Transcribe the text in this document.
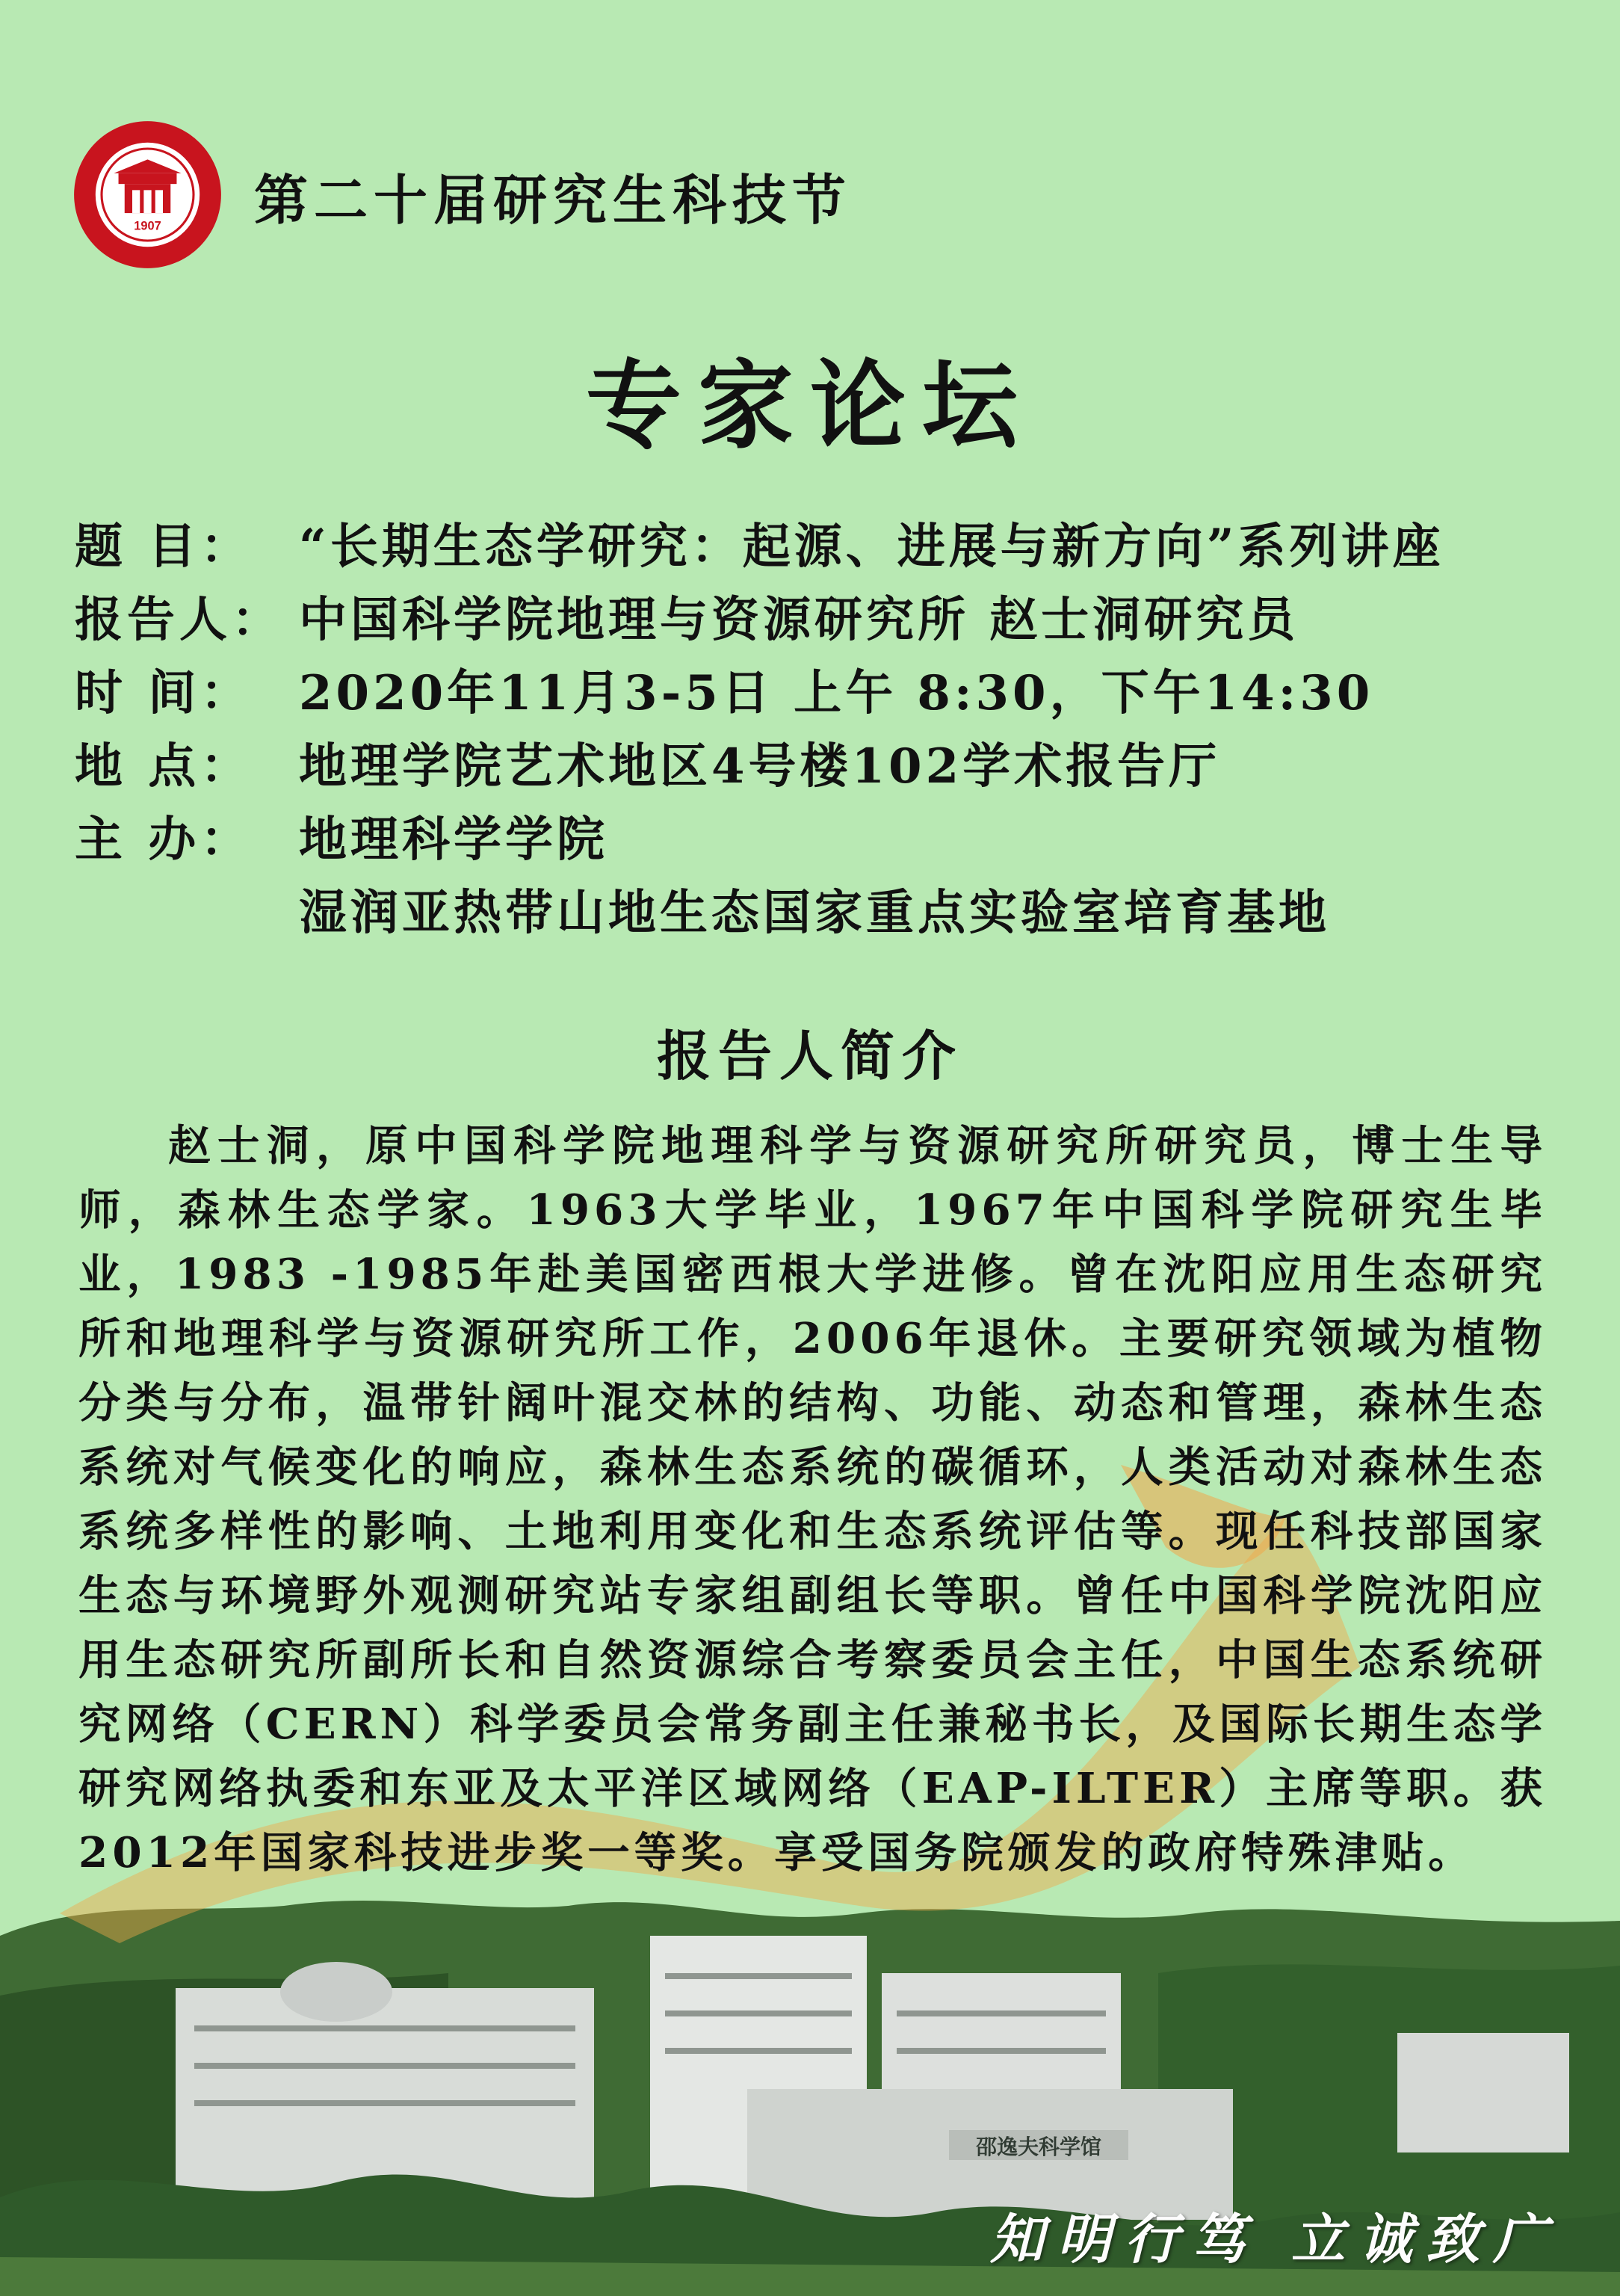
1907 第二十届研究生科技节
专家论坛
题 目： “长期生态学研究：起源、进展与新方向”系列讲座
报告人： 中国科学院地理与资源研究所 赵士洞研究员
时 间： 2020年11月3-5日 上午 8:30，下午14:30
地 点： 地理学院艺术地区4号楼102学术报告厅
主 办： 地理科学学院
湿润亚热带山地生态国家重点实验室培育基地
报告人简介
赵士洞，原中国科学院地理科学与资源研究所研究员，博士生导师，森林生态学家。1963大学毕业，1967年中国科学院研究生毕业，1983 -1985年赴美国密西根大学进修。曾在沈阳应用生态研究所和地理科学与资源研究所工作，2006年退休。主要研究领域为植物分类与分布，温带针阔叶混交林的结构、功能、动态和管理，森林生态系统对气候变化的响应，森林生态系统的碳循环，人类活动对森林生态系统多样性的影响、土地利用变化和生态系统评估等。现任科技部国家生态与环境野外观测研究站专家组副组长等职。曾任中国科学院沈阳应用生态研究所副所长和自然资源综合考察委员会主任，中国生态系统研究网络（CERN）科学委员会常务副主任兼秘书长，及国际长期生态学研究网络执委和东亚及太平洋区域网络（EAP-ILTER）主席等职。获2012年国家科技进步奖一等奖。享受国务院颁发的政府特殊津贴。
邵逸夫科学馆
知明行笃 立诚致广
